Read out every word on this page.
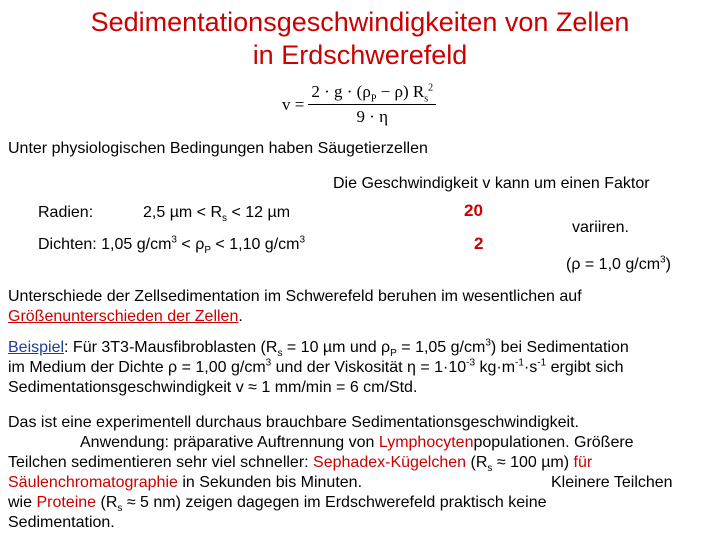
Sedimentationsgeschwindigkeiten von Zellen
in Erdschwerefeld
$v = \frac{2 \cdot g \cdot (\rho_P - \rho) R_s^2}{9 \cdot \eta}$
Unter physiologischen Bedingungen haben Säugetierzellen
Die Geschwindigkeit v kann um einen Faktor
Radien:	2,5 $\mu m < R_s < 12$ µm	20
variiren.
Dichten: 1,05 $g/cm^3 < \rho_P < 1,10$ $g/cm^3$	2
(ρ = 1,0 $g/cm^3$)
Unterschiede der Zellsedimentation im Schwerefeld beruhen im wesentlichen auf
Größenunterschieden der Zellen.
Beispiel: Für 3T3-Mausfibroblasten ($R_s = 10$ µm und $\rho_P = 1,05$ $g/cm^3$) bei Sedimentation
im Medium der Dichte ρ = 1,00 $g/cm^3$ und der Viskosität $\eta = 1\cdot 10^{-3}$ $kg\cdot m^{-1}\cdot s^{-1}$ ergibt sich
Sedimentationsgeschwindigkeit v ≈ 1 mm/min = 6 cm/Std.
Das ist eine experimentell durchaus brauchbare Sedimentationsgeschwindigkeit.
Anwendung: präparative Auftrennung von Lymphocytenpopulationen. Größere
Teilchen sedimentieren sehr viel schneller: Sephadex-Kügelchen ($R_s \approx 100$ µm) für
Säulenchromatographie in Sekunden bis Minuten.	Kleinere Teilchen
wie Proteine ($R_s \approx 5$ nm) zeigen dagegen im Erdschwerefeld praktisch keine
Sedimentation.
